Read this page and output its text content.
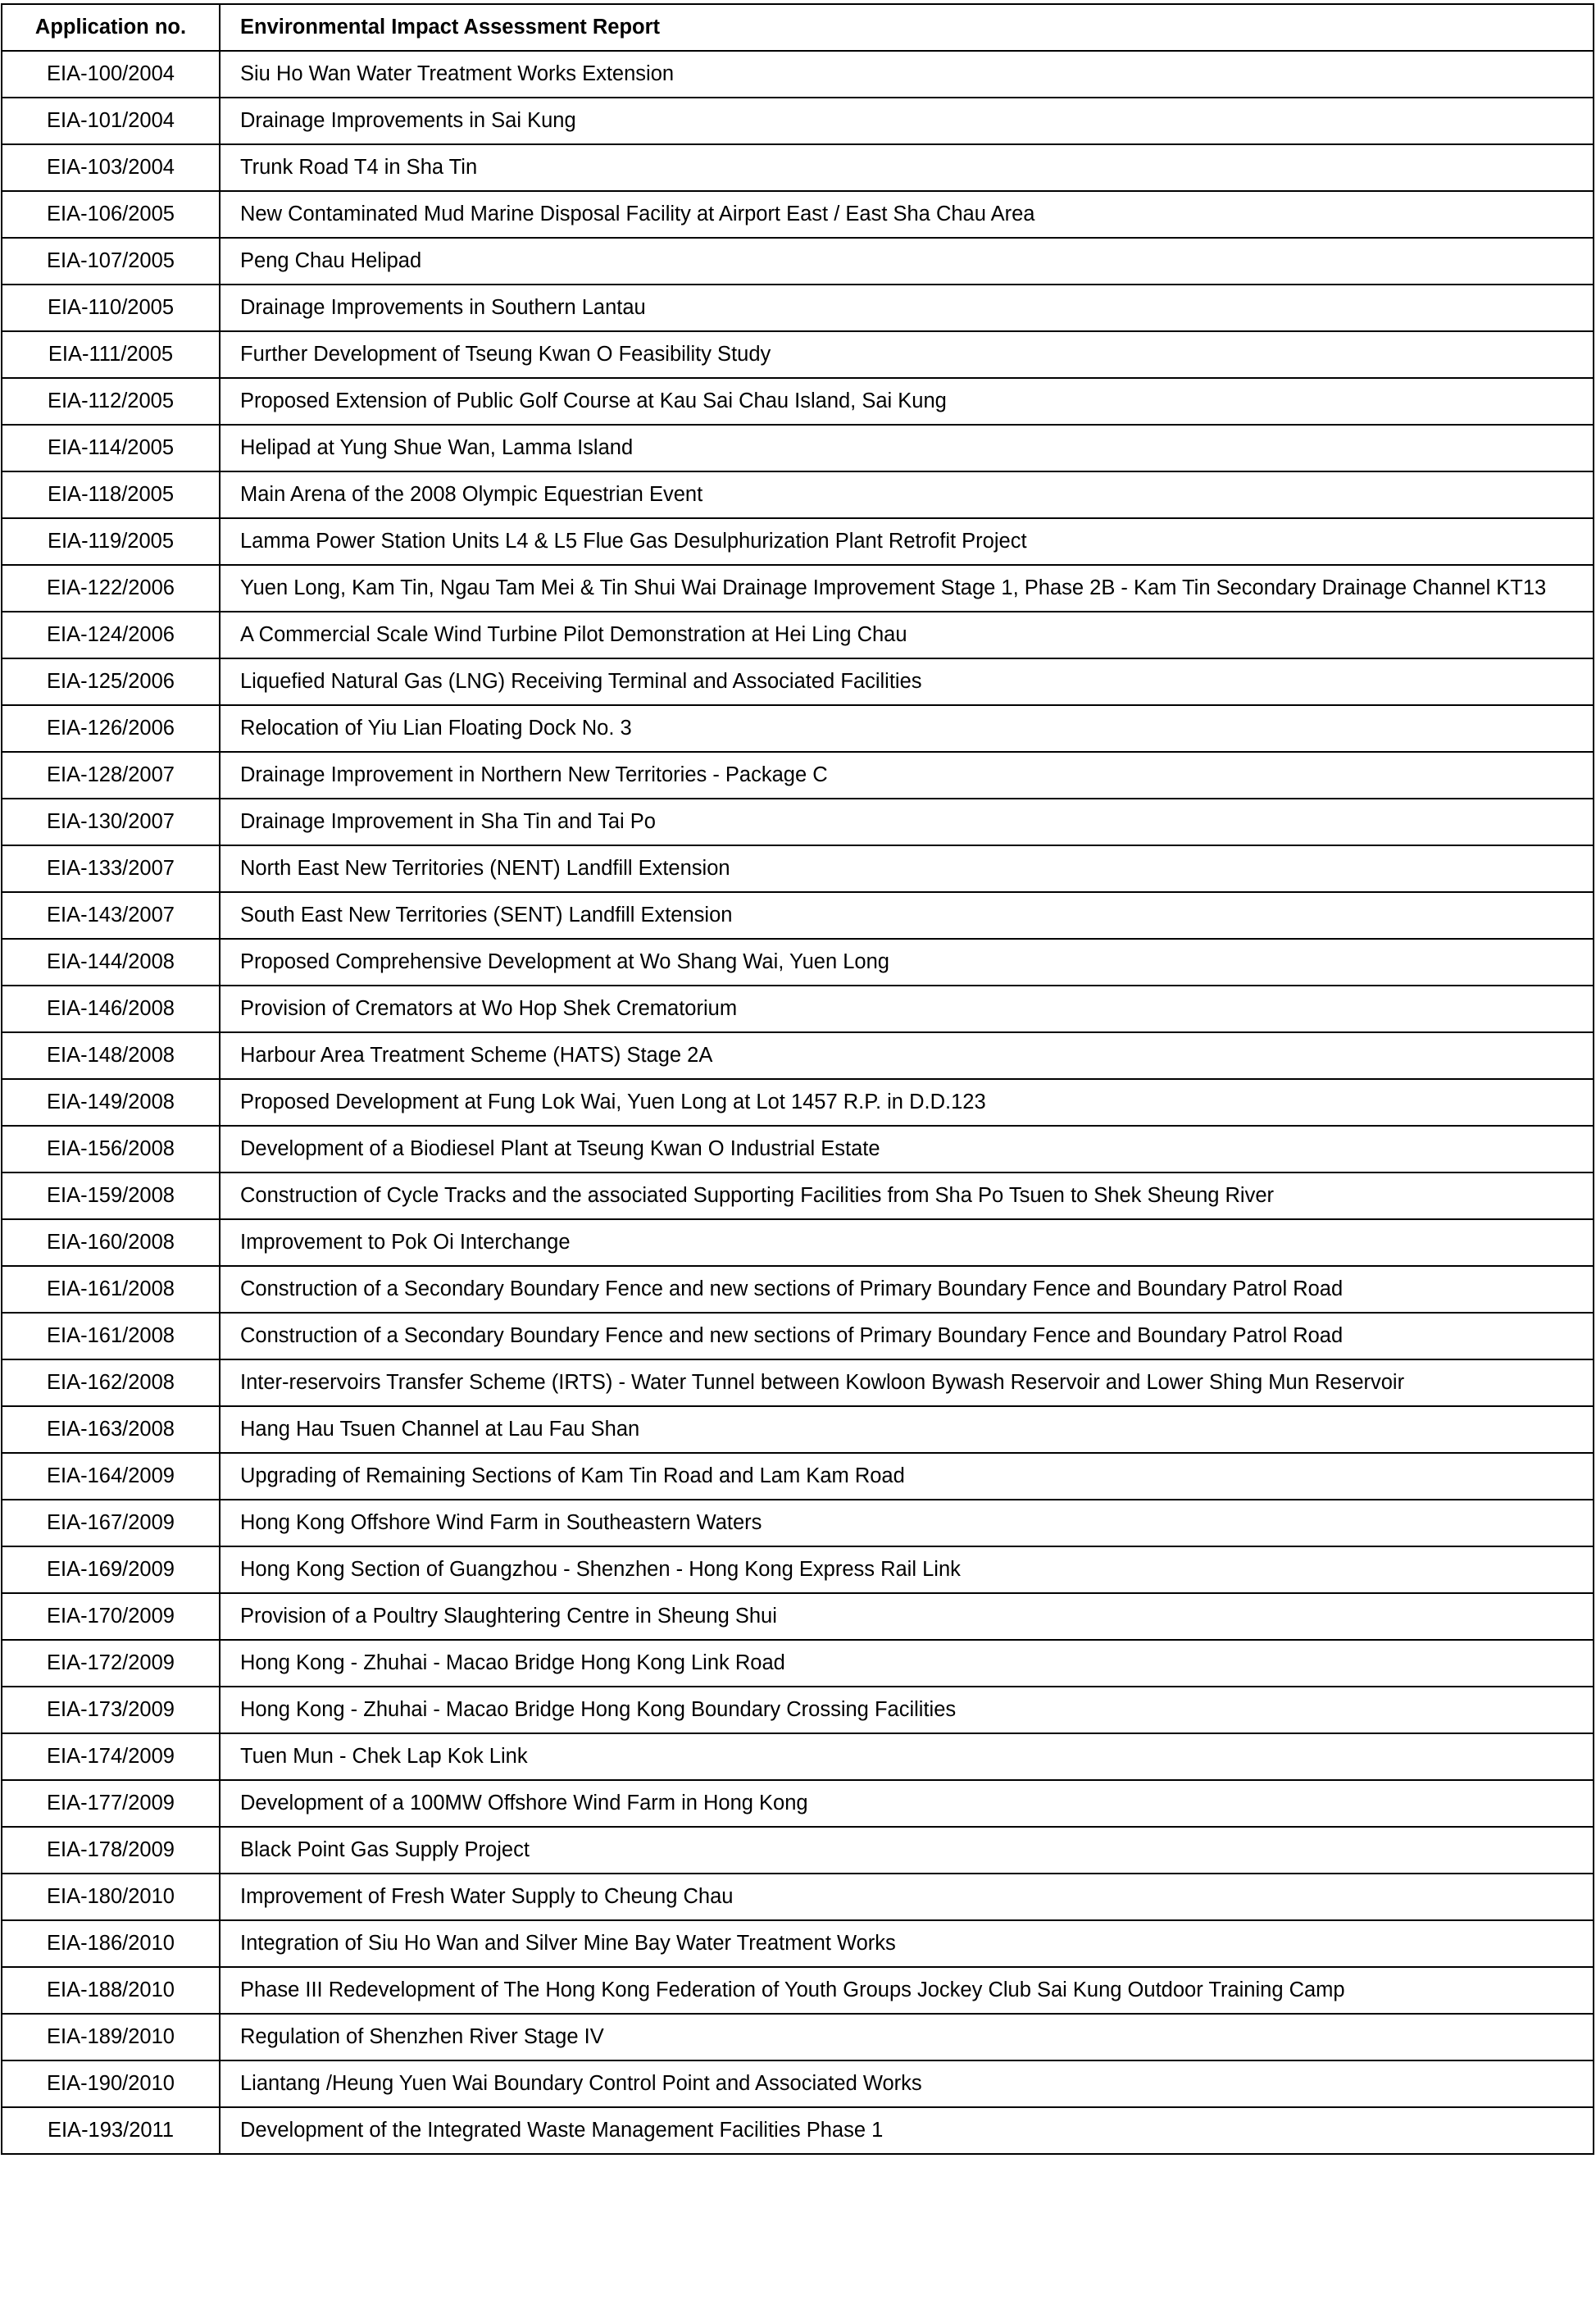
Application no.	Environmental Impact Assessment Report
EIA-100/2004	Siu Ho Wan Water Treatment Works Extension
EIA-101/2004	Drainage Improvements in Sai Kung
EIA-103/2004	Trunk Road T4 in Sha Tin
EIA-106/2005	New Contaminated Mud Marine Disposal Facility at Airport East / East Sha Chau Area
EIA-107/2005	Peng Chau Helipad
EIA-110/2005	Drainage Improvements in Southern Lantau
EIA-111/2005	Further Development of Tseung Kwan O Feasibility Study
EIA-112/2005	Proposed Extension of Public Golf Course at Kau Sai Chau Island, Sai Kung
EIA-114/2005	Helipad at Yung Shue Wan, Lamma Island
EIA-118/2005	Main Arena of the 2008 Olympic Equestrian Event
EIA-119/2005	Lamma Power Station Units L4 & L5 Flue Gas Desulphurization Plant Retrofit Project
EIA-122/2006	Yuen Long, Kam Tin, Ngau Tam Mei & Tin Shui Wai Drainage Improvement Stage 1, Phase 2B - Kam Tin Secondary Drainage Channel KT13
EIA-124/2006	A Commercial Scale Wind Turbine Pilot Demonstration at Hei Ling Chau
EIA-125/2006	Liquefied Natural Gas (LNG) Receiving Terminal and Associated Facilities
EIA-126/2006	Relocation of Yiu Lian Floating Dock No. 3
EIA-128/2007	Drainage Improvement in Northern New Territories - Package C
EIA-130/2007	Drainage Improvement in Sha Tin and Tai Po
EIA-133/2007	North East New Territories (NENT) Landfill Extension
EIA-143/2007	South East New Territories (SENT) Landfill Extension
EIA-144/2008	Proposed Comprehensive Development at Wo Shang Wai, Yuen Long
EIA-146/2008	Provision of Cremators at Wo Hop Shek Crematorium
EIA-148/2008	Harbour Area Treatment Scheme (HATS) Stage 2A
EIA-149/2008	Proposed Development at Fung Lok Wai, Yuen Long at Lot 1457 R.P. in D.D.123
EIA-156/2008	Development of a Biodiesel Plant at Tseung Kwan O Industrial Estate
EIA-159/2008	Construction of Cycle Tracks and the associated Supporting Facilities from Sha Po Tsuen to Shek Sheung River
EIA-160/2008	Improvement to Pok Oi Interchange
EIA-161/2008	Construction of a Secondary Boundary Fence and new sections of Primary Boundary Fence and Boundary Patrol Road
EIA-161/2008	Construction of a Secondary Boundary Fence and new sections of Primary Boundary Fence and Boundary Patrol Road
EIA-162/2008	Inter-reservoirs Transfer Scheme (IRTS) - Water Tunnel between Kowloon Bywash Reservoir and Lower Shing Mun Reservoir
EIA-163/2008	Hang Hau Tsuen Channel at Lau Fau Shan
EIA-164/2009	Upgrading of Remaining Sections of Kam Tin Road and Lam Kam Road
EIA-167/2009	Hong Kong Offshore Wind Farm in Southeastern Waters
EIA-169/2009	Hong Kong Section of Guangzhou - Shenzhen - Hong Kong Express Rail Link
EIA-170/2009	Provision of a Poultry Slaughtering Centre in Sheung Shui
EIA-172/2009	Hong Kong - Zhuhai - Macao Bridge Hong Kong Link Road
EIA-173/2009	Hong Kong - Zhuhai - Macao Bridge Hong Kong Boundary Crossing Facilities
EIA-174/2009	Tuen Mun - Chek Lap Kok Link
EIA-177/2009	Development of a 100MW Offshore Wind Farm in Hong Kong
EIA-178/2009	Black Point Gas Supply Project
EIA-180/2010	Improvement of Fresh Water Supply to Cheung Chau
EIA-186/2010	Integration of Siu Ho Wan and Silver Mine Bay Water Treatment Works
EIA-188/2010	Phase III Redevelopment of The Hong Kong Federation of Youth Groups Jockey Club Sai Kung Outdoor Training Camp
EIA-189/2010	Regulation of Shenzhen River Stage IV
EIA-190/2010	Liantang /Heung Yuen Wai Boundary Control Point and Associated Works
EIA-193/2011	Development of the Integrated Waste Management Facilities Phase 1
